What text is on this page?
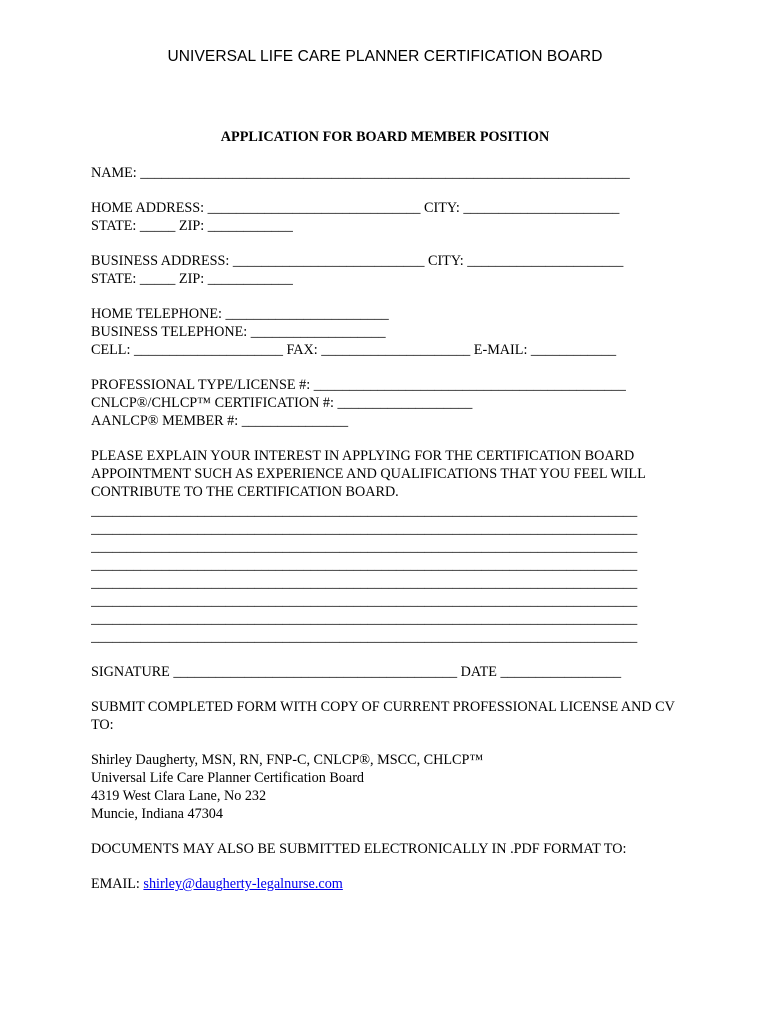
UNIVERSAL LIFE CARE PLANNER CERTIFICATION BOARD
APPLICATION FOR BOARD MEMBER POSITION
NAME: _____________________________________________________________________
HOME ADDRESS: ______________________________ CITY: ______________________
STATE: _____ ZIP: ____________
BUSINESS ADDRESS: ___________________________ CITY: ______________________
STATE: _____ ZIP: ____________
HOME TELEPHONE: _______________________
BUSINESS TELEPHONE: ___________________
CELL: _____________________ FAX: _____________________ E-MAIL: ____________
PROFESSIONAL TYPE/LICENSE #: ____________________________________________
CNLCP®/CHLCP™ CERTIFICATION #: ___________________
AANLCP® MEMBER #: _______________
PLEASE EXPLAIN YOUR INTEREST IN APPLYING FOR THE CERTIFICATION BOARD APPOINTMENT SUCH AS EXPERIENCE AND QUALIFICATIONS THAT YOU FEEL WILL CONTRIBUTE TO THE CERTIFICATION BOARD.
_____________________________________________________________________________
_____________________________________________________________________________
_____________________________________________________________________________
_____________________________________________________________________________
_____________________________________________________________________________
_____________________________________________________________________________
_____________________________________________________________________________
_____________________________________________________________________________
SIGNATURE ________________________________________ DATE _________________
SUBMIT COMPLETED FORM WITH COPY OF CURRENT PROFESSIONAL LICENSE AND CV TO:
Shirley Daugherty, MSN, RN, FNP-C, CNLCP®, MSCC, CHLCP™
Universal Life Care Planner Certification Board
4319 West Clara Lane, No 232
Muncie, Indiana 47304
DOCUMENTS MAY ALSO BE SUBMITTED ELECTRONICALLY IN .PDF FORMAT TO:
EMAIL: shirley@daugherty-legalnurse.com
